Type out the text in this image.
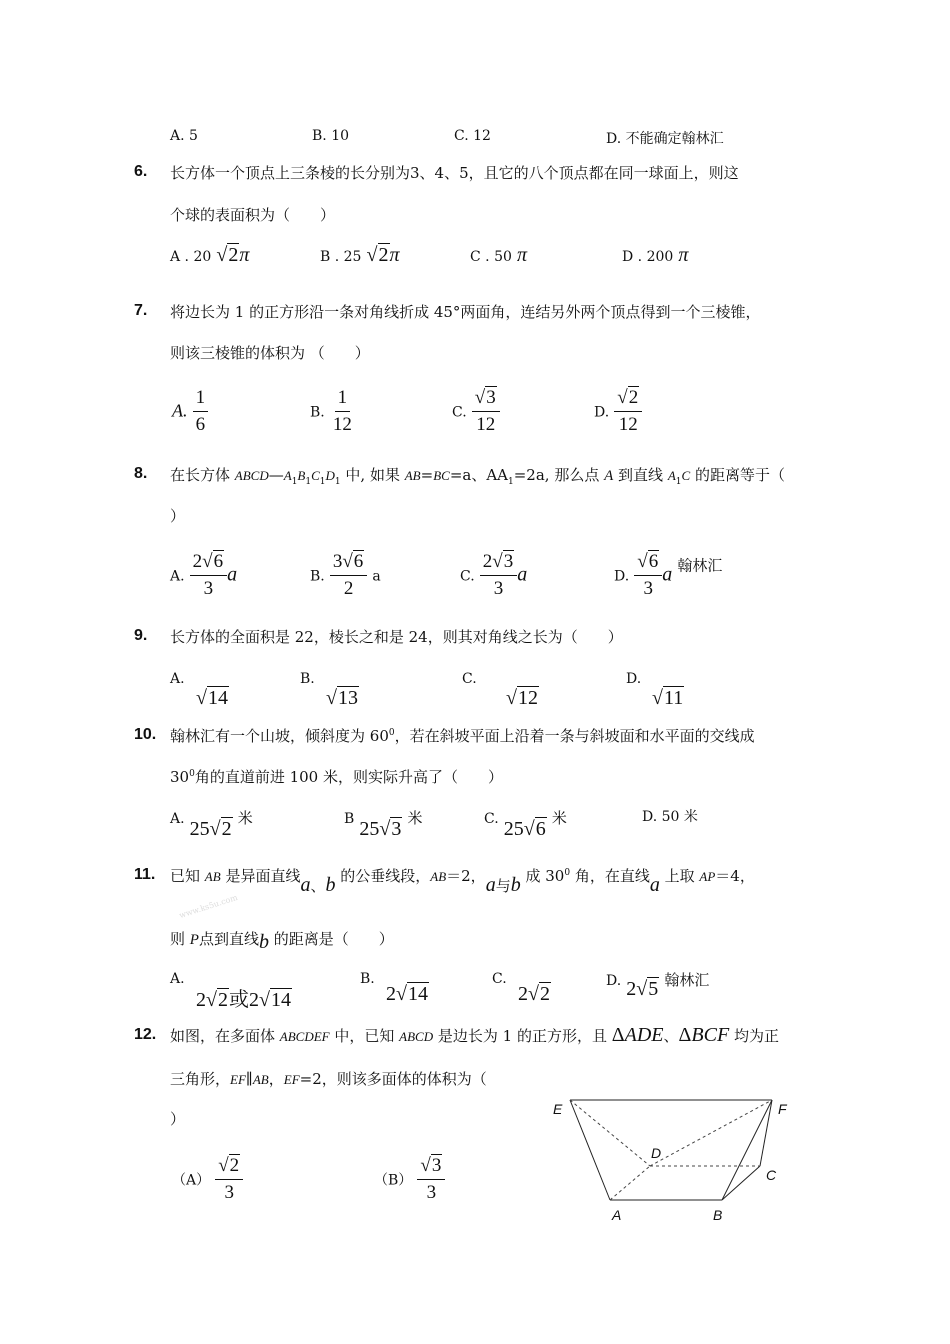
A. 5	B. 10	C. 12	D. 不能确定翰林汇
6. 长方体一个顶点上三条棱的长分别为3、4、5，且它的八个顶点都在同一球面上，则这
个球的表面积为（　　）
A . 20 √2π	B . 25 √2π	C . 50 π	D . 200 π
7. 将边长为 1 的正方形沿一条对角线折成 45°两面角，连结另外两个顶点得到一个三棱锥，
则该三棱锥的体积为 （　　）
A. $\frac{1}{6}$	B. $\frac{1}{12}$	C. $\frac{√3}{12}$	D. $\frac{√2}{12}$
8. 在长方体 $ABCD—A_1B_1C_1D_1$ 中, 如果 AB=BC=a、$AA_1=2a$, 那么点 A 到直线 $A_1C$ 的距离等于（
）
A. $\frac{2√6}{3}$ a	B. $\frac{3√6}{2}$ a	C. $\frac{2√3}{3}$ a	D. $\frac{√6}{3}$ a 翰林汇
9. 长方体的全面积是 22，棱长之和是 24，则其对角线之长为（　　）
A.
√14
B.
√13
C.
√12
D.
√11
10. 翰林汇有一个山坡，倾斜度为 $60^0$，若在斜坡平面上沿着一条与斜坡面和水平面的交线成
$30^0$角的直道前进 100 米，则实际升高了（　　）
A. 25√2 米	B 25√3 米	C. 25√6 米	D. 50 米
11. 已知 AB 是异面直线a、b 的公垂线段，AB＝2，a与b 成 $30^0$ 角，在直线a 上取 AP＝4，
www.ks5u.com
则 P点到直线b 的距离是（　　）
A.
2√2或2√14
B.
2√14
C.
2√2
D. 2√5 翰林汇
12. 如图，在多面体 ABCDEF 中，已知 ABCD 是边长为 1 的正方形，且 ΔADE、ΔBCF 均为正
三角形，EF∥AB，EF=2，则该多面体的体积为（
）
$(A) \frac{√2}{3}$	$(B) \frac{√3}{3}$
E	F
D
C
A	B
